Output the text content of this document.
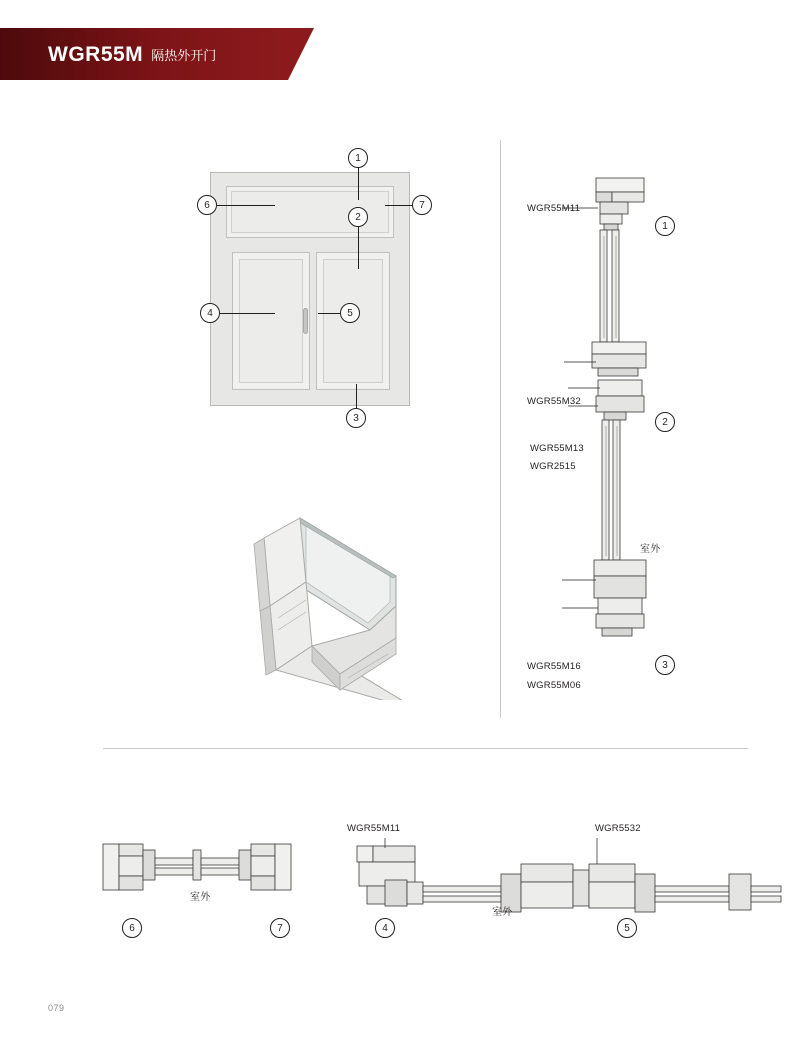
WGR55M 隔热外开门
1
2
3
4	5
6	7	WGR55M11
WGR55M32
WGR55M13
WGR2515
WGR55M16
WGR55M06
室外
1
2
3
室外
6	7
WGR55M11	WGR5532
室外
4	5
079
